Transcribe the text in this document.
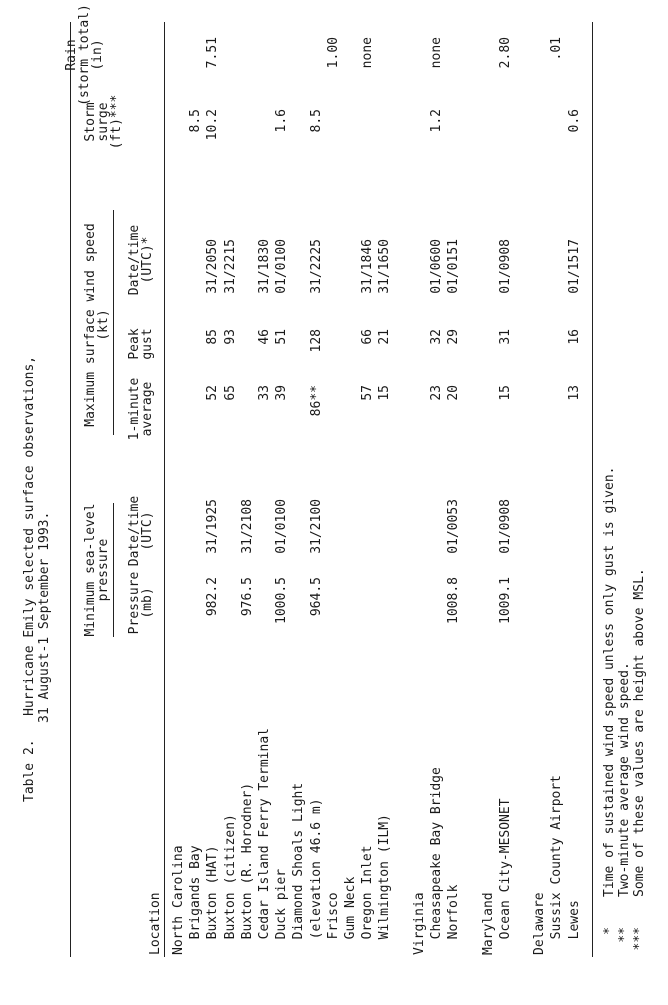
Table 2.   Hurricane Emily selected surface observations, 31 August-1 September 1993. Minimum sea-level
pressure
Maximum surface wind speed
(kt)
Storm
surge
(ft)***
Rain
(storm total)
(in)
Pressure
(mb)
Date/time
(UTC)
1-minute
average
Peak
gust
Date/time
(UTC)*
Location North Carolina Brigands Bay
8.5
Buxton (HAT)
982.2
31/1925
52
85
31/2050
10.2
7.51
Buxton (citizen)
65
93
31/2215
Buxton (R. Horodner)
976.5
31/2108
Cedar Island Ferry Terminal
33
46
31/1830
Duck pier
1000.5
01/0100
39
51
01/0100
1.6
Diamond Shoals Light (elevation 46.6 m)
964.5
31/2100
86**
128
31/2225
8.5
Frisco
1.00
Gum Neck Oregon Inlet
57
66
31/1846
none
Wilmington (ILM)
15
21
31/1650
Virginia Cheasapeake Bay Bridge
23
32
01/0600
1.2
none
Norfolk
1008.8
01/0053
20
29
01/0151
Maryland Ocean City-MESONET
1009.1
01/0908
15
31
01/0908
2.80
Delaware Sussix County Airport
.01
Lewes
13
16
01/1517
0.6
*
Time of sustained wind speed unless only gust is given.
**
Two-minute average wind speed.
***
Some of these values are height above MSL.
